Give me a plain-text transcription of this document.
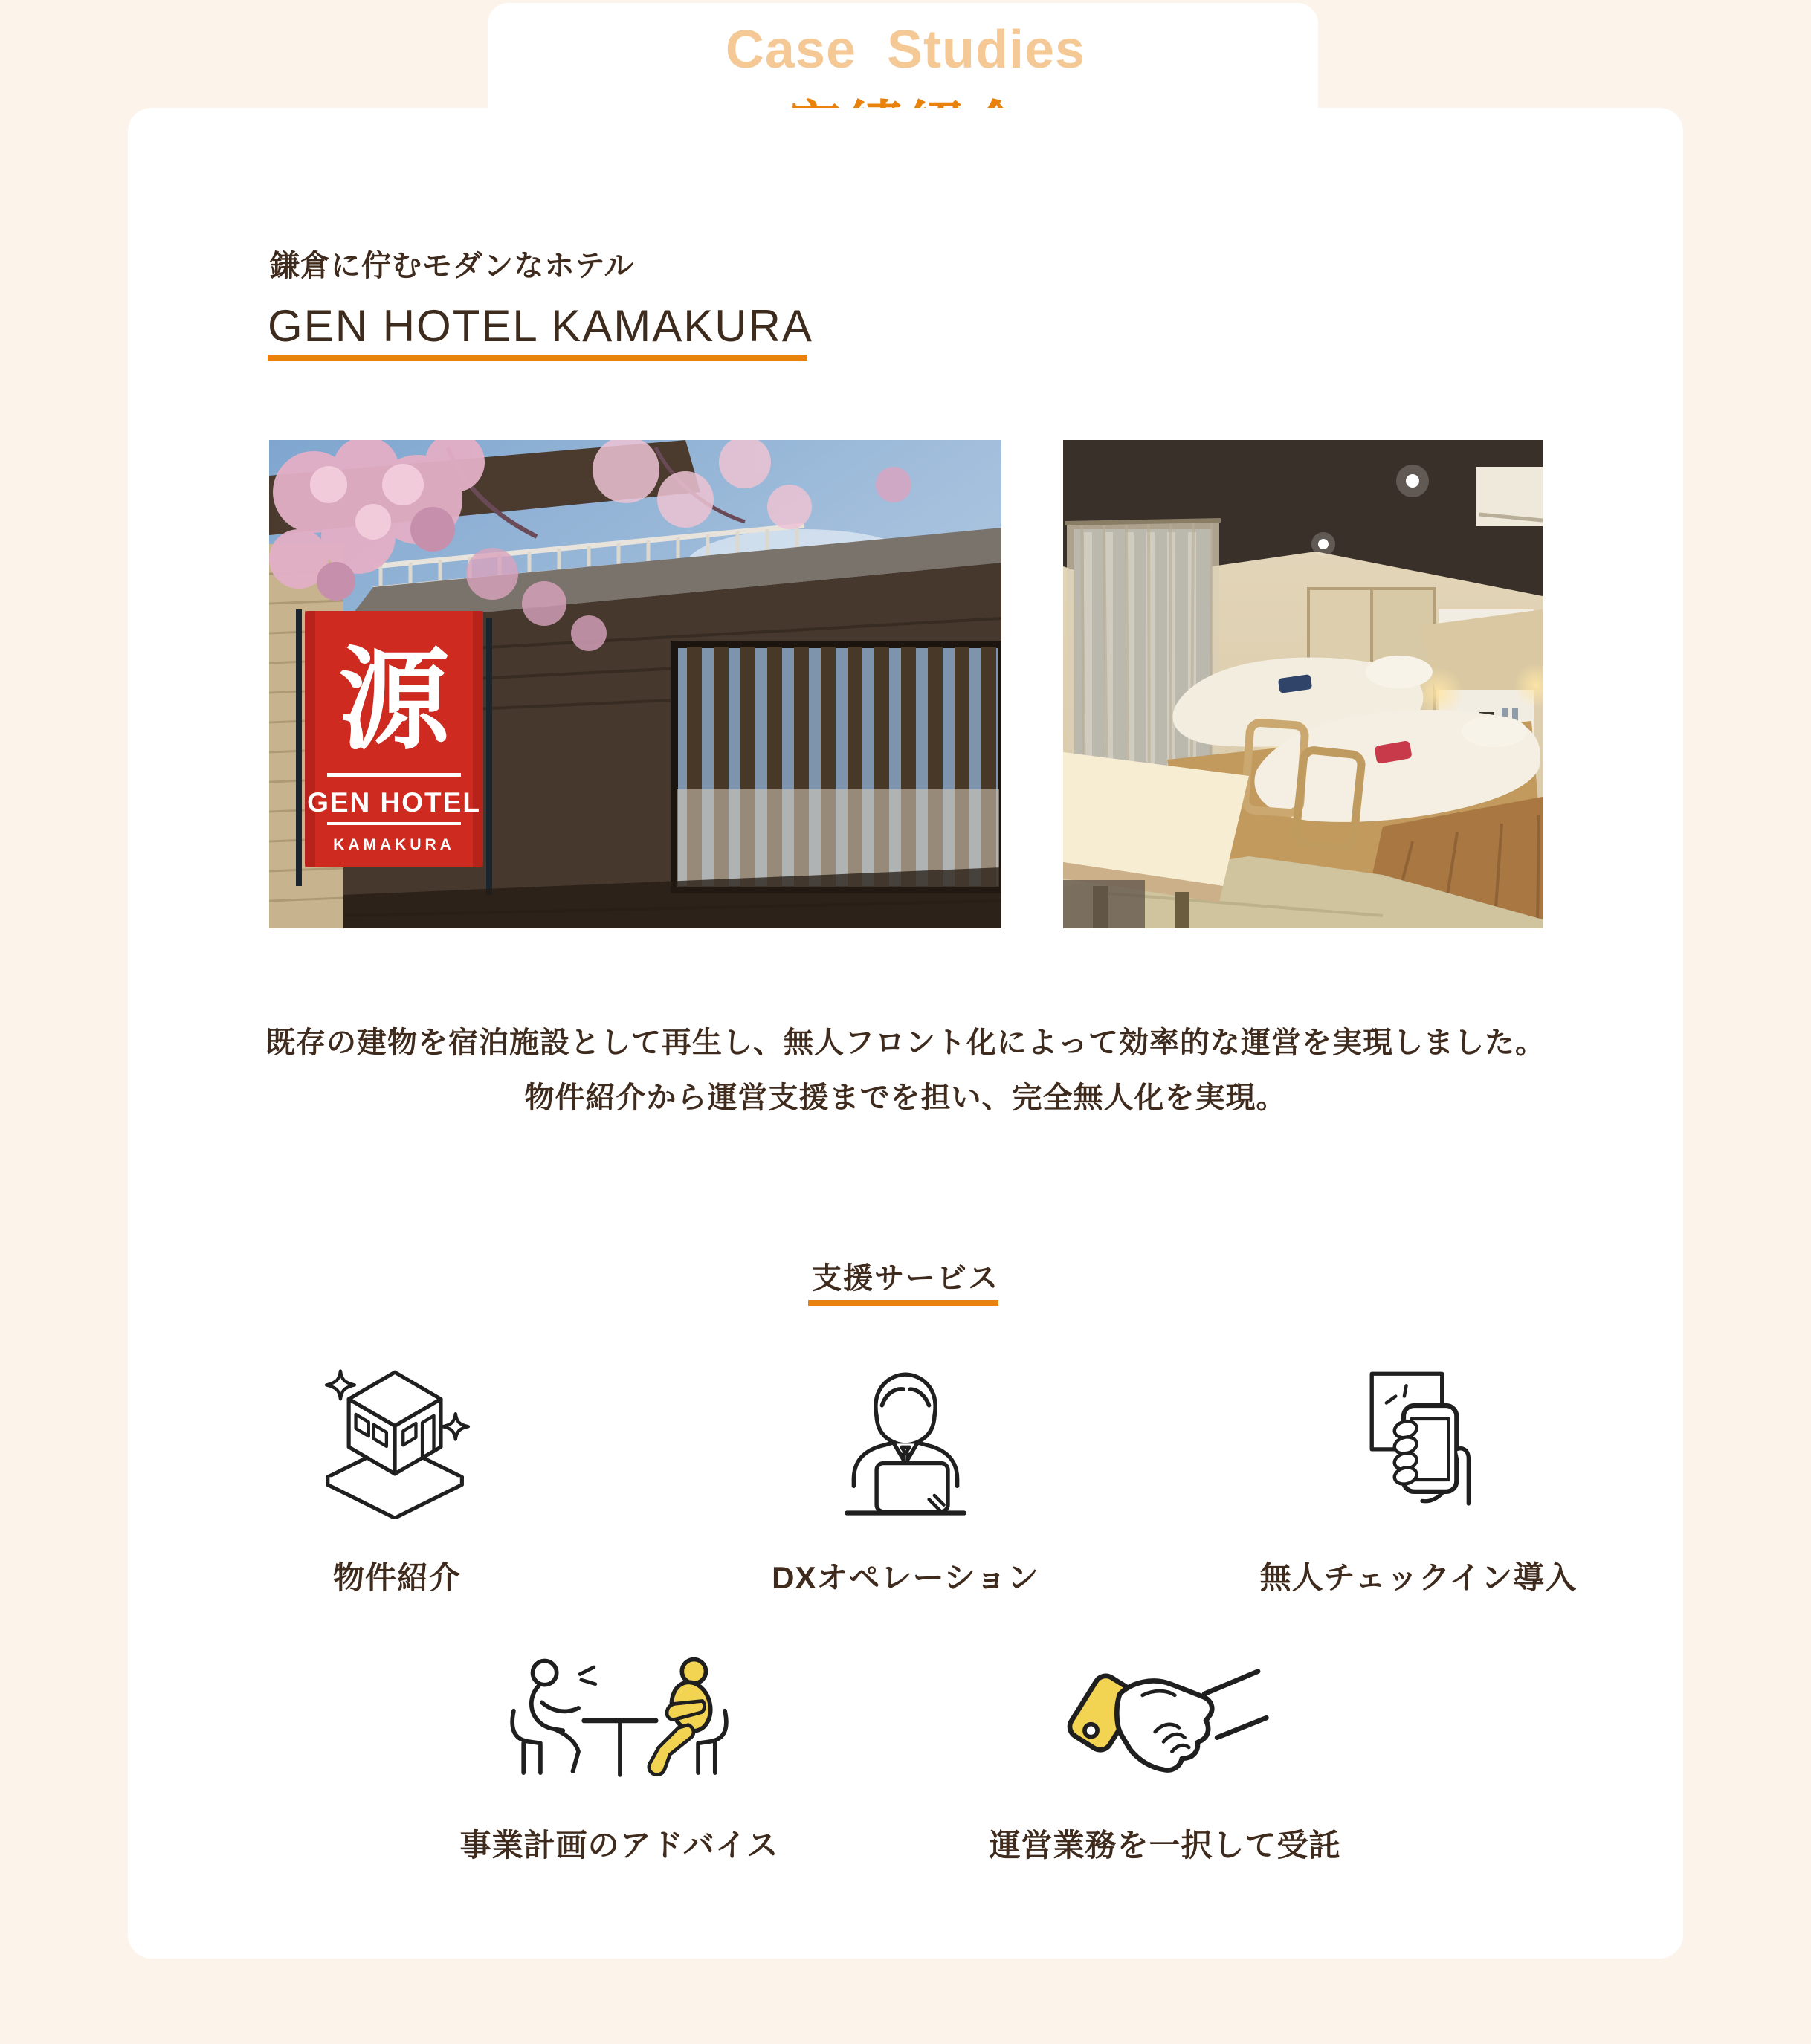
Case Studies
鎌倉に佇むモダンなホテル
GEN HOTEL KAMAKURA
源
GEN HOTEL
KAMAKURA
既存の建物を宿泊施設として再生し、無人フロント化によって効率的な運営を実現しました。
物件紹介から運営支援までを担い、完全無人化を実現。
支援サービス
物件紹介	DXオペレーション	無人チェックイン導入
事業計画のアドバイス	運営業務を一択して受託
